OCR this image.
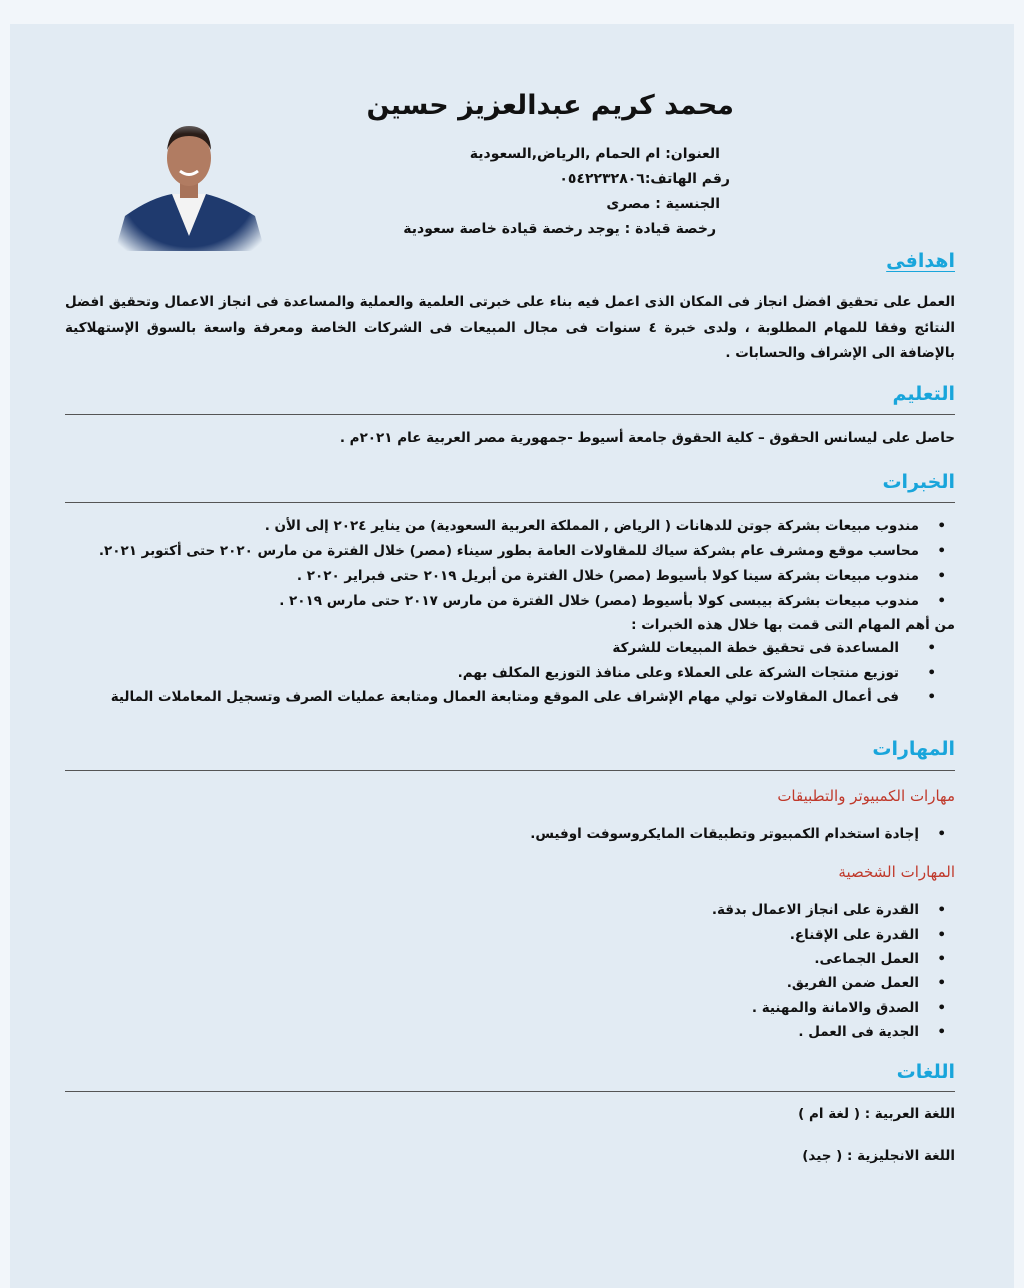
محمد كريم عبدالعزيز حسين
العنوان: ام الحمام ,الرياض,السعودية
رقم الهاتف:٠٥٤٢٢٣٢٨٠٦
الجنسية : مصرى
رخصة قيادة : يوجد رخصة قيادة خاصة سعودية
اهدافى
العمل على تحقيق افضل انجاز فى المكان الذى اعمل فيه بناء على خبرتى العلمية والعملية والمساعدة فى انجاز الاعمال وتحقيق افضل النتائج وفقا للمهام المطلوبة ، ولدى خبرة ٤ سنوات فى مجال المبيعات فى الشركات الخاصة ومعرفة واسعة بالسوق الإستهلاكية بالإضافة الى الإشراف والحسابات .
التعليم
حاصل على ليسانس الحقوق – كلية الحقوق جامعة أسيوط -جمهورية مصر العربية عام ٢٠٢١م .
الخبرات
• مندوب مبيعات بشركة جوتن للدهانات ( الرياض , المملكة العربية السعودية) من يناير ٢٠٢٤ إلى الأن .
• محاسب موقع ومشرف عام بشركة سياك للمقاولات العامة بطور سيناء (مصر) خلال الفترة من مارس ٢٠٢٠ حتى أكتوبر ٢٠٢١.
• مندوب مبيعات بشركة سينا كولا بأسيوط (مصر) خلال الفترة من أبريل ٢٠١٩ حتى فبراير ٢٠٢٠ .
• مندوب مبيعات بشركة بيبسى كولا بأسيوط (مصر) خلال الفترة من مارس ٢٠١٧ حتى مارس ٢٠١٩ .
من أهم المهام التى قمت بها خلال هذه الخبرات :
• المساعدة فى تحقيق خطة المبيعات للشركة
• توزيع منتجات الشركة على العملاء وعلى منافذ التوزيع المكلف بهم.
• فى أعمال المقاولات تولي مهام الإشراف على الموقع ومتابعة العمال ومتابعة عمليات الصرف وتسجيل المعاملات المالية
المهارات
مهارات الكمبيوتر والتطبيقات
• إجادة استخدام الكمبيوتر وتطبيقات المايكروسوفت اوفيس.
المهارات الشخصية
• القدرة على انجاز الاعمال بدقة.
• القدرة على الإقناع.
• العمل الجماعى.
• العمل ضمن الفريق.
• الصدق والامانة والمهنية .
• الجدية فى العمل .
اللغات
اللغة العربية : ( لغة ام )
اللغة الانجليزية : ( جيد)
